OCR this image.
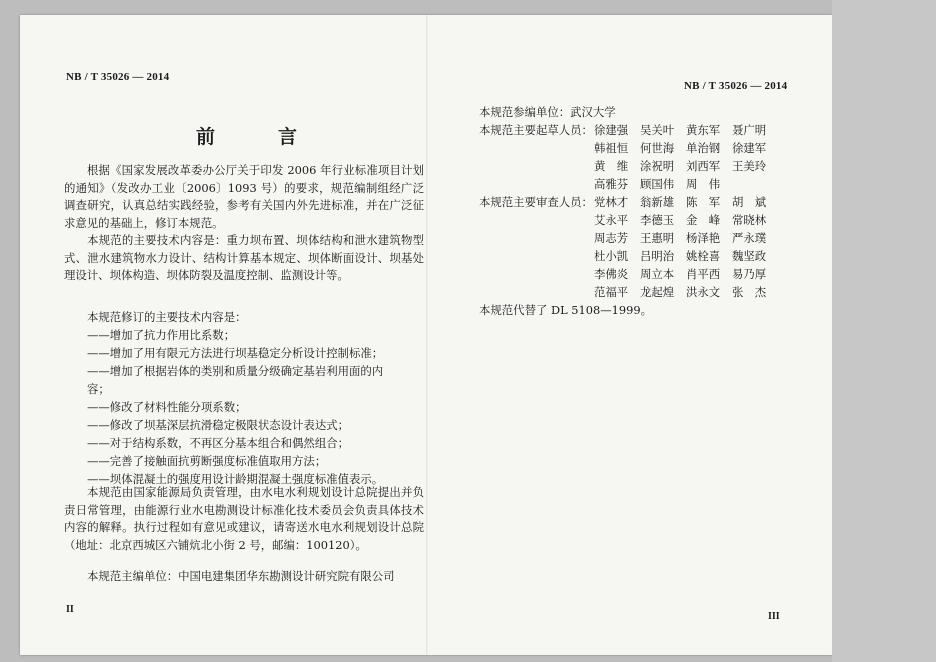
NB / T 35026 — 2014
前　言

根据《国家发展改革委办公厅关于印发 2006 年行业标准项目计划的通知》（发改办工业〔2006〕1093 号）的要求，规范编制组经广泛调查研究，认真总结实践经验，参考有关国内外先进标准，并在广泛征求意见的基础上，修订本规范。

本规范的主要技术内容是：重力坝布置、坝体结构和泄水建筑物型式、泄水建筑物水力设计、结构计算基本规定、坝体断面设计、坝基处理设计、坝体构造、坝体防裂及温度控制、监测设计等。

本规范修订的主要技术内容是：
——增加了抗力作用比系数；
——增加了用有限元方法进行坝基稳定分析设计控制标准；
——增加了根据岩体的类别和质量分级确定基岩利用面的内容；
——修改了材料性能分项系数；
——修改了坝基深层抗滑稳定极限状态设计表达式；
——对于结构系数，不再区分基本组合和偶然组合；
——完善了接触面抗剪断强度标准值取用方法；
——坝体混凝土的强度用设计龄期混凝土强度标准值表示。

本规范由国家能源局负责管理，由水电水利规划设计总院提出并负责日常管理，由能源行业水电勘测设计标准化技术委员会负责具体技术内容的解释。执行过程如有意见或建议，请寄送水电水利规划设计总院（地址：北京西城区六铺炕北小街 2 号，邮编：100120）。

本规范主编单位：中国电建集团华东勘测设计研究院有限公司

II
NB / T 35026 — 2014
本规范参编单位：武汉大学
本规范主要起草人员： 徐建强	吴关叶	黄东军	聂广明
韩祖恒	何世海	单治钢	徐建军
黄　维	涂祝明	刘西军	王美玲
高雅芬	顾国伟	周　伟
本规范主要审查人员： 党林才	翁新雄	陈　军	胡　斌
艾永平	李德玉	金　峰	常晓林
周志芳	王惠明	杨泽艳	严永璞
杜小凯	吕明治	姚栓喜	魏坚政
李佛炎	周立本	肖平西	易乃厚
范福平	龙起煌	洪永文	张　杰
本规范代替了 DL 5108—1999。
III
